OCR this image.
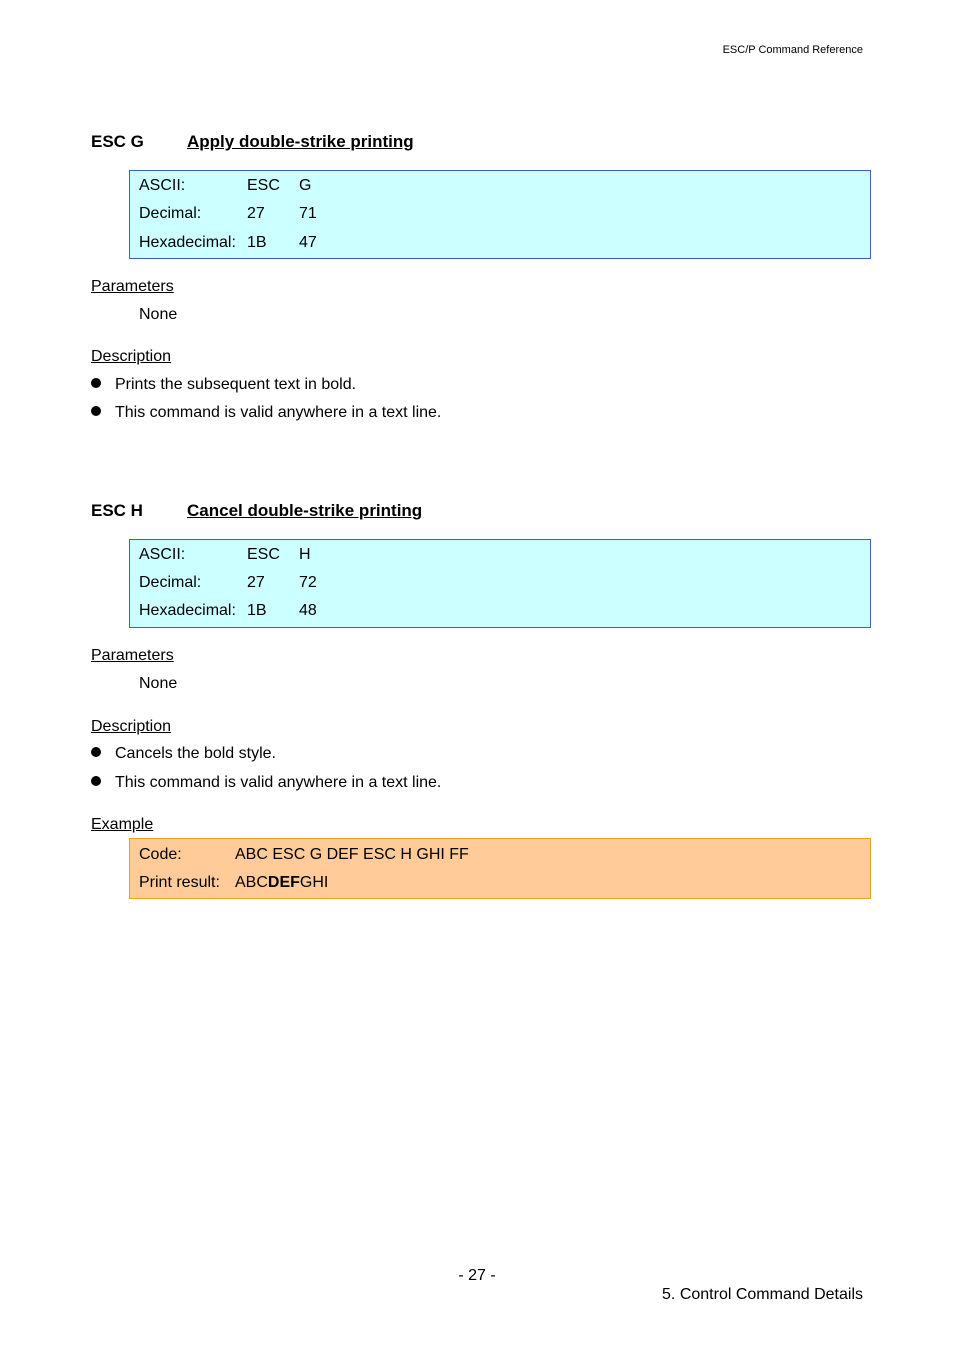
ESC/P Command Reference
ESC G	Apply double-strike printing
ASCII:	ESC G
Decimal:	27 71
Hexadecimal: 1B 47
Parameters
None
Description
Prints the subsequent text in bold.
This command is valid anywhere in a text line.
ESC H	Cancel double-strike printing
ASCII:	ESC H
Decimal:	27 72
Hexadecimal: 1B 48
Parameters
None
Description
Cancels the bold style.
This command is valid anywhere in a text line.
Example
Code:	ABC ESC G DEF ESC H GHI FF
Print result: ABCDEFGHI
- 27 -
5. Control Command Details
